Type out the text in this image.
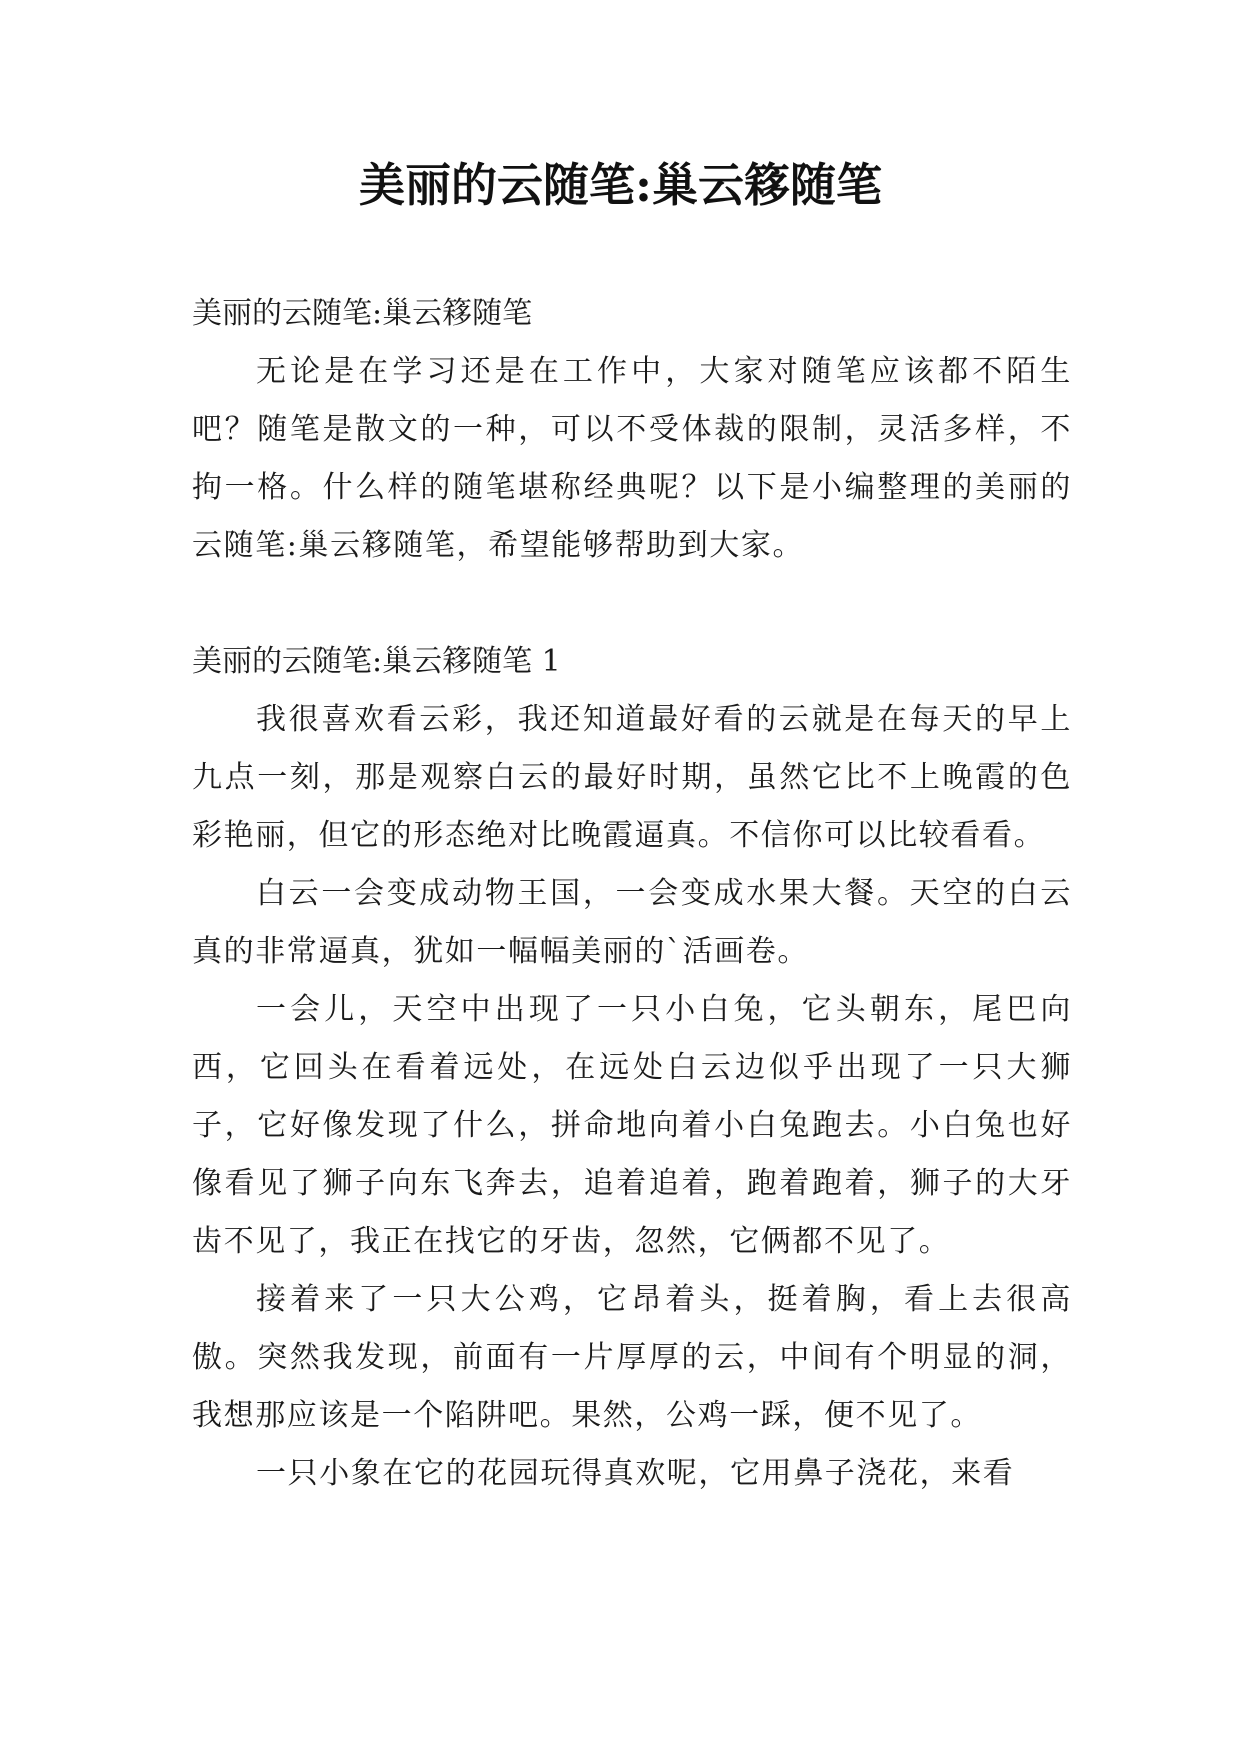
美丽的云随笔:巢云簃随笔

美丽的云随笔:巢云簃随笔

无论是在学习还是在工作中，大家对随笔应该都不陌生吧？随笔是散文的一种，可以不受体裁的限制，灵活多样，不拘一格。什么样的随笔堪称经典呢？以下是小编整理的美丽的云随笔:巢云簃随笔，希望能够帮助到大家。

美丽的云随笔:巢云簃随笔 1

我很喜欢看云彩，我还知道最好看的云就是在每天的早上九点一刻，那是观察白云的最好时期，虽然它比不上晚霞的色彩艳丽，但它的形态绝对比晚霞逼真。不信你可以比较看看。

白云一会变成动物王国，一会变成水果大餐。天空的白云真的非常逼真，犹如一幅幅美丽的`活画卷。

一会儿，天空中出现了一只小白兔，它头朝东，尾巴向西，它回头在看着远处，在远处白云边似乎出现了一只大狮子，它好像发现了什么，拼命地向着小白兔跑去。小白兔也好像看见了狮子向东飞奔去，追着追着，跑着跑着，狮子的大牙齿不见了，我正在找它的牙齿，忽然，它俩都不见了。

接着来了一只大公鸡，它昂着头，挺着胸，看上去很高傲。突然我发现，前面有一片厚厚的云，中间有个明显的洞，我想那应该是一个陷阱吧。果然，公鸡一踩，便不见了。

一只小象在它的花园玩得真欢呢，它用鼻子浇花，来看
